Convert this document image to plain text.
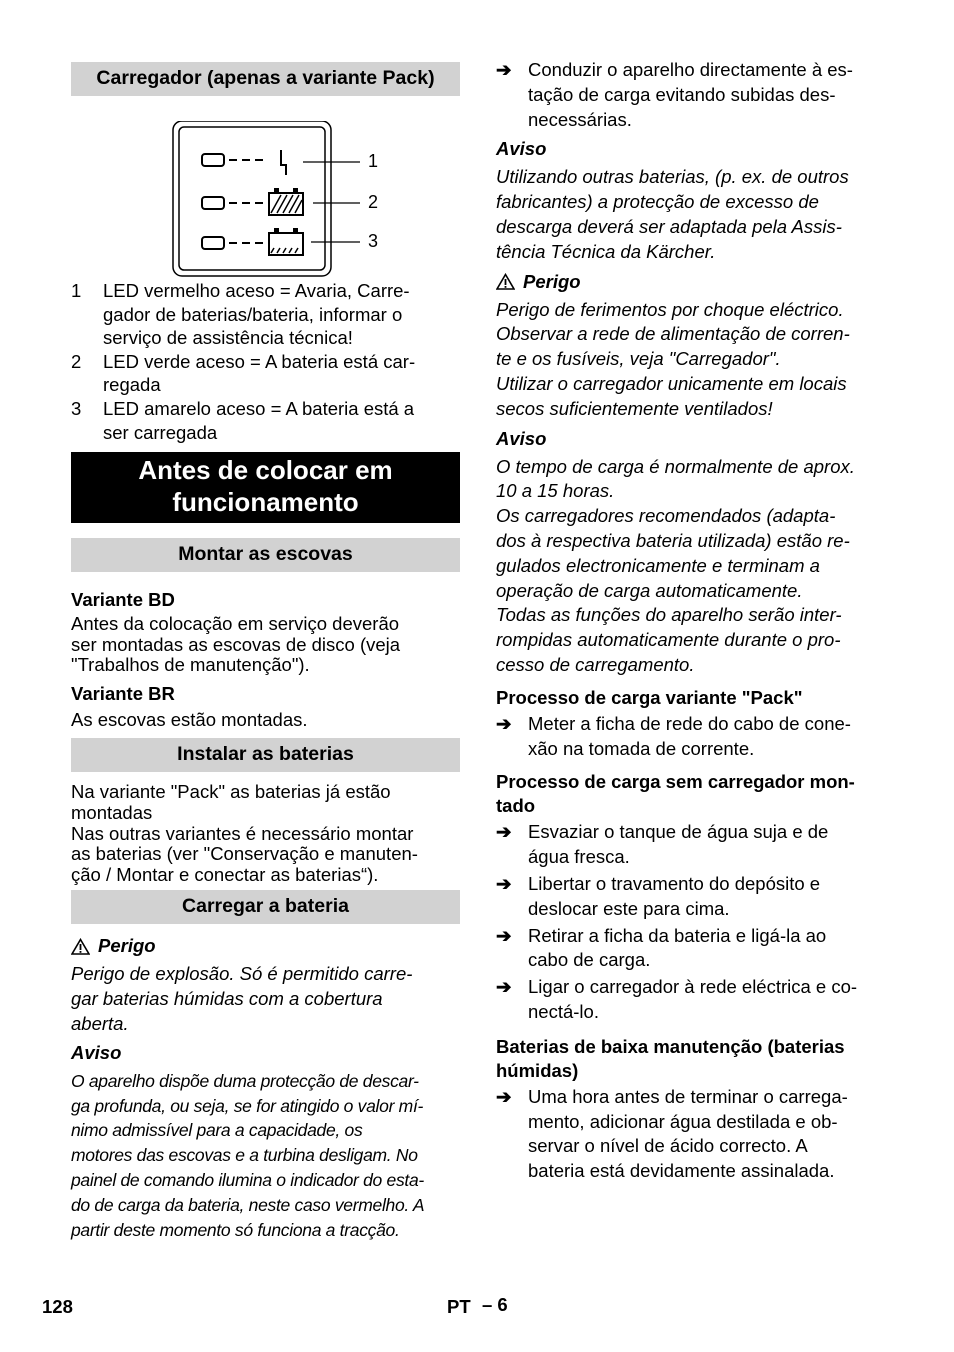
Carregador (apenas a variante Pack)
1
2
3
1	LED vermelho aceso = Avaria, Carre-
gador de baterias/bateria, informar o
serviço de assistência técnica!
2	LED verde aceso = A bateria está car-
regada
3	LED amarelo aceso = A bateria está a
ser carregada
Antes de colocar em
funcionamento
Montar as escovas
Variante BD
Antes da colocação em serviço deverão
ser montadas as escovas de disco (veja
"Trabalhos de manutenção").
Variante BR
As escovas estão montadas.
Instalar as baterias
Na variante "Pack" as baterias já estão
montadas
Nas outras variantes é necessário montar
as baterias (ver "Conservação e manuten-
ção / Montar e conectar as baterias“).
Carregar a bateria
Perigo
Perigo de explosão. Só é permitido carre-
gar baterias húmidas com a cobertura
aberta.
Aviso
O aparelho dispõe duma protecção de descar-
ga profunda, ou seja, se for atingido o valor mí-
nimo admissível para a capacidade, os
motores das escovas e a turbina desligam. No
painel de comando ilumina o indicador do esta-
do de carga da bateria, neste caso vermelho. A
partir deste momento só funciona a tracção.
➔ Conduzir o aparelho directamente à es-
tação de carga evitando subidas des-
necessárias.
Aviso
Utilizando outras baterias, (p. ex. de outros
fabricantes) a protecção de excesso de
descarga deverá ser adaptada pela Assis-
tência Técnica da Kärcher.
Perigo
Perigo de ferimentos por choque eléctrico.
Observar a rede de alimentação de corren-
te e os fusíveis, veja "Carregador".
Utilizar o carregador unicamente em locais
secos suficientemente ventilados!
Aviso
O tempo de carga é normalmente de aprox.
10 a 15 horas.
Os carregadores recomendados (adapta-
dos à respectiva bateria utilizada) estão re-
gulados electronicamente e terminam a
operação de carga automaticamente.
Todas as funções do aparelho serão inter-
rompidas automaticamente durante o pro-
cesso de carregamento.
Processo de carga variante "Pack"
➔ Meter a ficha de rede do cabo de cone-
xão na tomada de corrente.
Processo de carga sem carregador mon-
tado
➔ Esvaziar o tanque de água suja e de
água fresca.
➔ Libertar o travamento do depósito e
deslocar este para cima.
➔ Retirar a ficha da bateria e ligá-la ao
cabo de carga.
➔ Ligar o carregador à rede eléctrica e co-
nectá-lo.
Baterias de baixa manutenção (baterias
húmidas)
➔ Uma hora antes de terminar o carrega-
mento, adicionar água destilada e ob-
servar o nível de ácido correcto. A
bateria está devidamente assinalada.
128	PT – 6
